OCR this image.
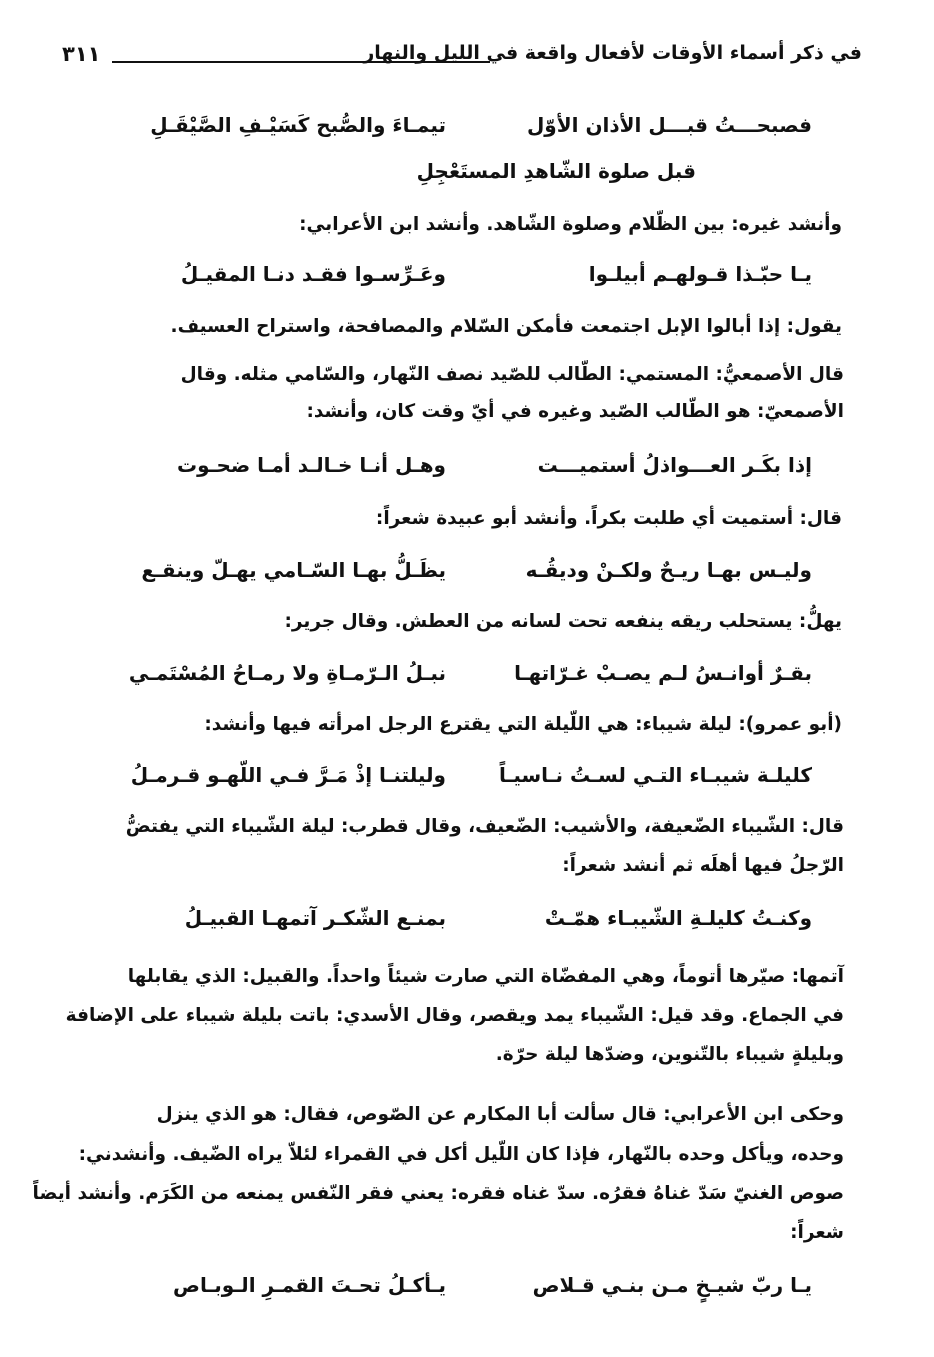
في ذكر أسماء الأوقات لأفعال واقعة في الليل والنهار
٣١١
فصبحـــتُ قبـــل الأذان الأوّل
تيمـاءَ والصُّبح كَسَيْـفِ الصَّيْقَـلِ
قبل صلوة الشّاهدِ المستَعْجِلِ
وأنشد غيره: بين الظّلام وصلوة الشّاهد. وأنشد ابن الأعرابي:
يـا حبّـذا قـولهـم أبيلـوا
وعَـرِّسـوا فقـد دنـا المقيـلُ
يقول: إذا أبالوا الإبل اجتمعت فأمكن السّلام والمصافحة، واستراح العسيف.
قال الأصمعيُّ: المستمي: الطّالب للصّيد نصف النّهار، والسّامي مثله. وقال
الأصمعيّ: هو الطّالب الصّيد وغيره في أيّ وقت كان، وأنشد:
إذا بكَـر العـــواذلُ أستميـــت
وهـل أنـا خـالـد أمـا ضحـوت
قال: أستميت أي طلبت بكراً. وأنشد أبو عبيدة شعراً:
وليـس بهـا ريـحٌ ولكـنْ وديقُـه
يظَـلُّ بهـا السّـامي يهـلّ وينقـع
يهلُّ: يستحلب ريقه ينفعه تحت لسانه من العطش. وقال جرير:
بقـرٌ أوانـسُ لـم يصـبْ غـرّاتهـا
نبـلُ الـرّمـاةِ ولا رمـاحُ المُسْتَمـي
(أبو عمرو): ليلة شيباء: هي اللّيلة التي يقترع الرجل امرأته فيها وأنشد:
كليلـة شيبـاء التـي لسـتُ نـاسيـاً
وليلتنـا إذْ مَـرَّ فـي اللّهـو قـرمـلُ
قال: الشّيباء الضّعيفة، والأشيب: الضّعيف، وقال قطرب: ليلة الشّيباء التي يفتضُّ
الرّجلُ فيها أهلَه ثم أنشد شعراً:
وكنـتُ كليلـةِ الشّيبـاء همّـتْ
بمنـع الشّكـر آتمهـا القبيـلُ
آتمها: صيّرها أتوماً، وهي المفضّاة التي صارت شيئاً واحداً. والقبيل: الذي يقابلها
في الجماع. وقد قيل: الشّيباء يمد ويقصر، وقال الأسدي: باتت بليلة شيباء على الإضافة
وبليلةٍ شيباء بالتّنوين، وضدّها ليلة حرّة.
وحكى ابن الأعرابي: قال سألت أبا المكارم عن الصّوص، فقال: هو الذي ينزل
وحده، ويأكل وحده بالنّهار، فإذا كان اللّيل أكل في القمراء لئلاّ يراه الضّيف. وأنشدني:
صوص الغنيّ سَدّ غناهُ فقرُه. سدّ غناه فقره: يعني فقر النّفس يمنعه من الكَرَم. وأنشد أيضاً
شعراً:
يـا ربّ شيـخٍ مـن بنـي قـلاص
يـأكـلُ تحـتَ القمـرِ الـوبـاص
